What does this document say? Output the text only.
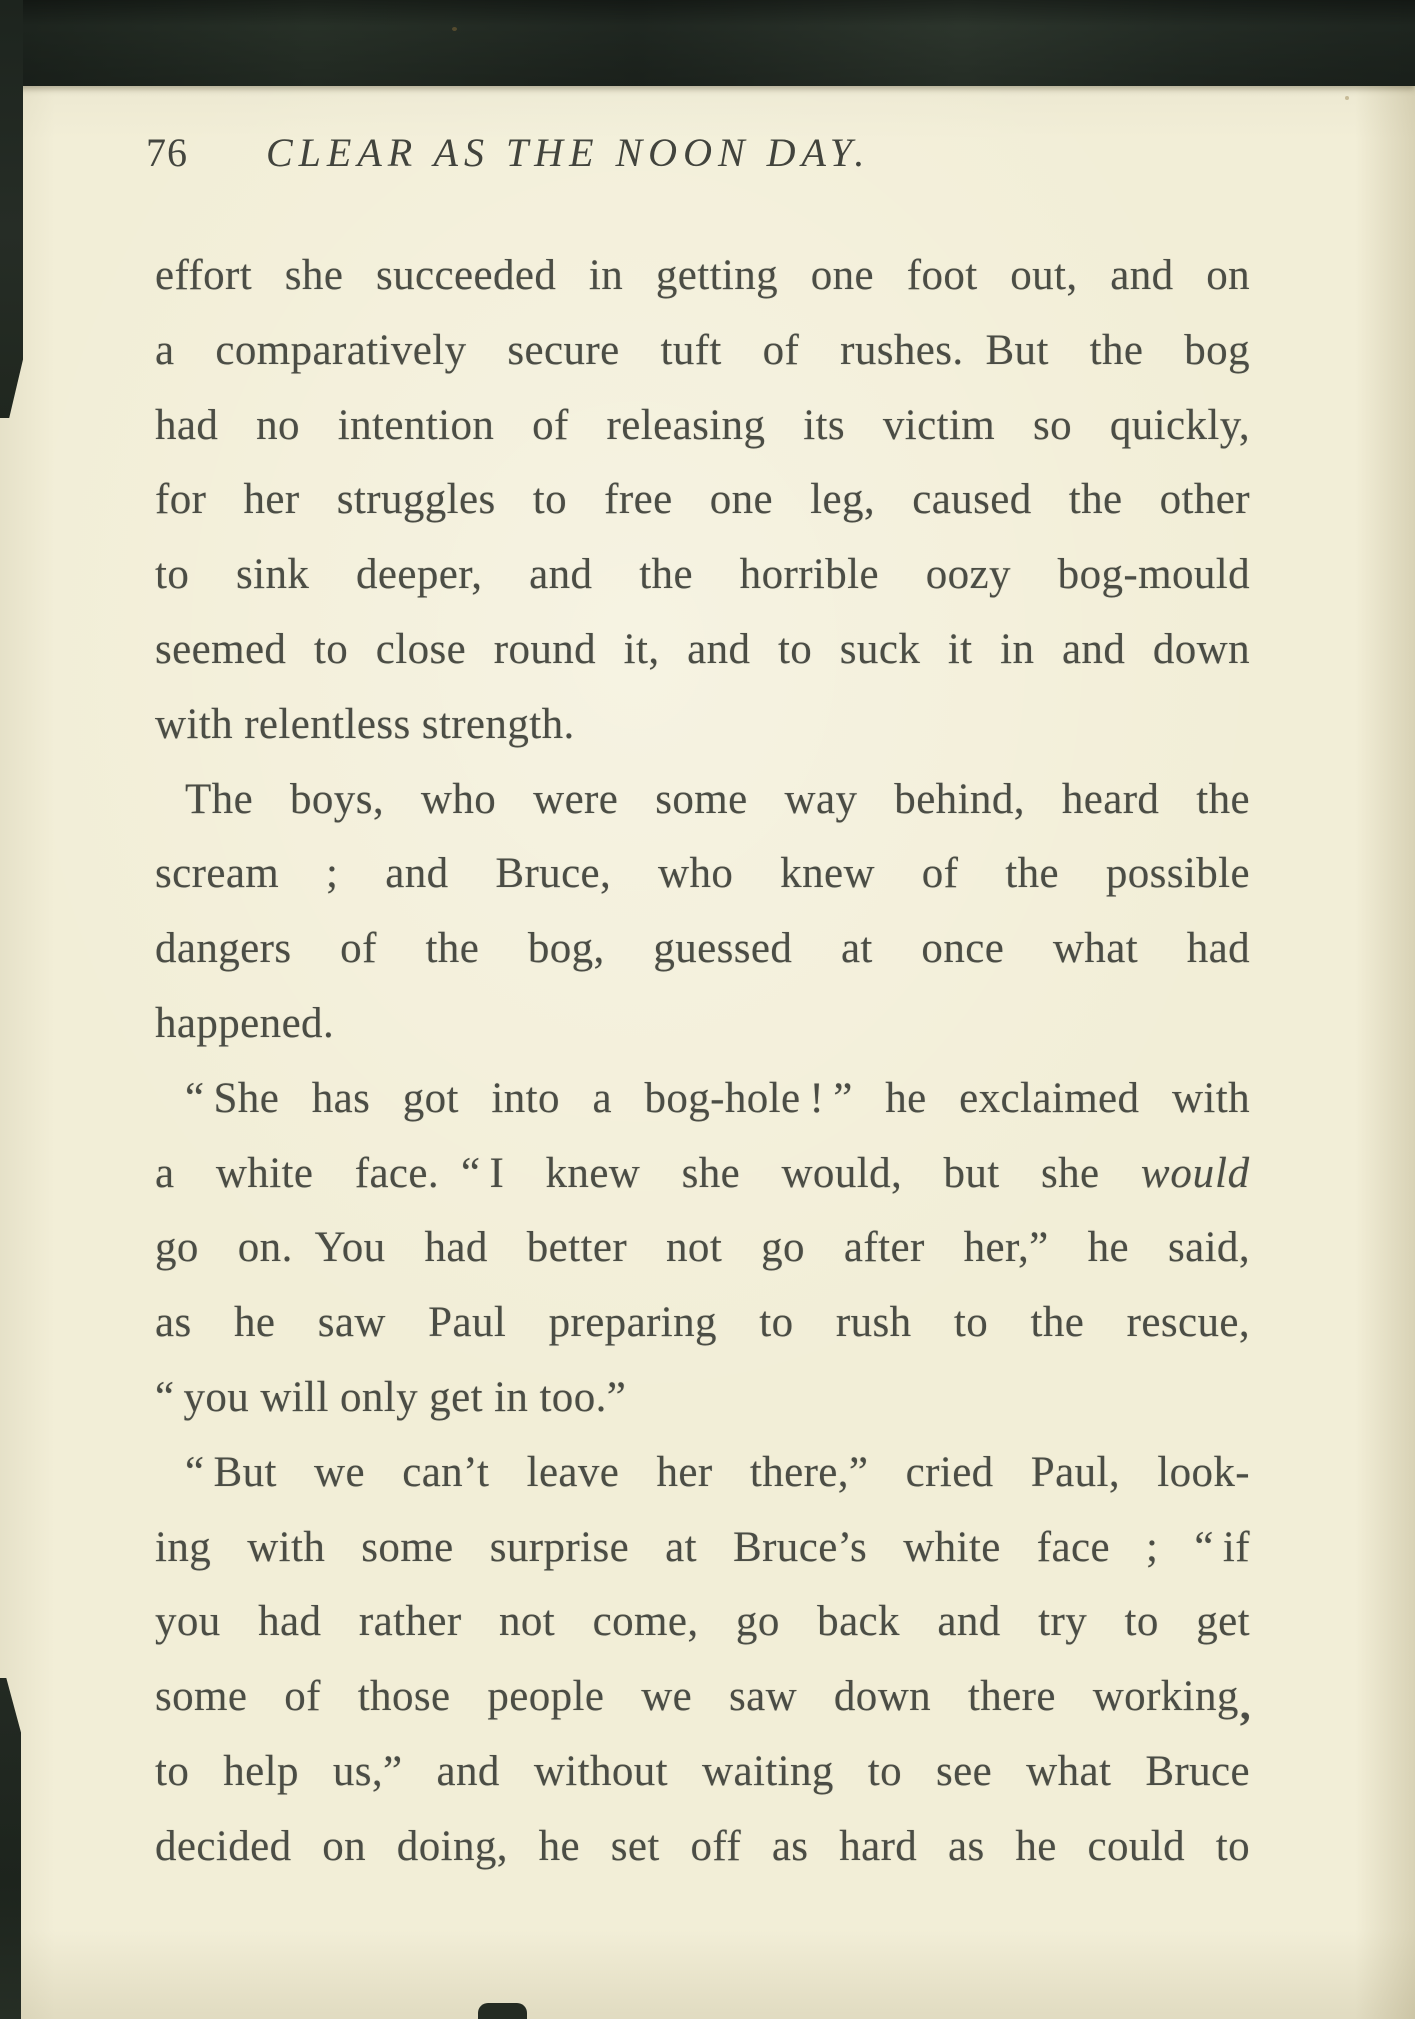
76 CLEAR AS THE NOON DAY.
effort she succeeded in getting one foot out, and on
a comparatively secure tuft of rushes. But the bog
had no intention of releasing its victim so quickly,
for her struggles to free one leg, caused the other
to sink deeper, and the horrible oozy bog-mould
seemed to close round it, and to suck it in and down
with relentless strength.
The boys, who were some way behind, heard the
scream ; and Bruce, who knew of the possible
dangers of the bog, guessed at once what had
happened.
“ She has got into a bog-hole ! ” he exclaimed with
a white face. “ I knew she would, but she would
go on. You had better not go after her,” he said,
as he saw Paul preparing to rush to the rescue,
“ you will only get in too.”
“ But we can’t leave her there,” cried Paul, look-
ing with some surprise at Bruce’s white face ; “ if
you had rather not come, go back and try to get
some of those people we saw down there working,
to help us,” and without waiting to see what Bruce
decided on doing, he set off as hard as he could to
